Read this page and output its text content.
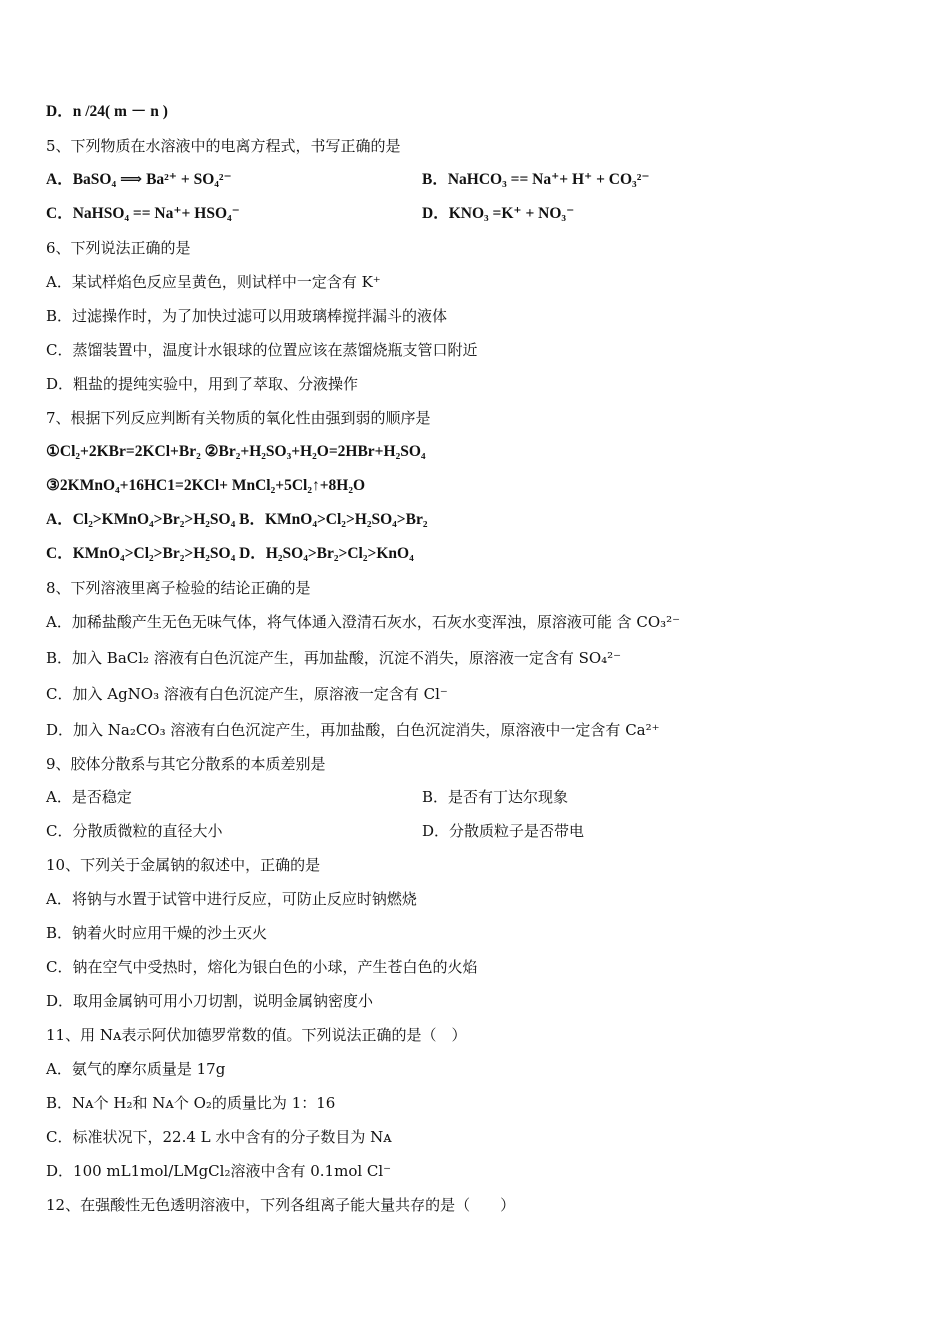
D．n /24( m － n )
5、下列物质在水溶液中的电离方程式，书写正确的是
A．BaSO₄ ⟹ Ba²⁺ + SO₄²⁻	B．NaHCO₃ == Na⁺+ H⁺ + CO₃²⁻
C．NaHSO₄ == Na⁺+ HSO₄⁻	D．KNO₃ =K⁺ + NO₃⁻
6、下列说法正确的是
A．某试样焰色反应呈黄色，则试样中一定含有 K⁺
B．过滤操作时，为了加快过滤可以用玻璃棒搅拌漏斗的液体
C．蒸馏装置中，温度计水银球的位置应该在蒸馏烧瓶支管口附近
D．粗盐的提纯实验中，用到了萃取、分液操作
7、根据下列反应判断有关物质的氧化性由强到弱的顺序是
①Cl₂+2KBr=2KCl+Br₂ ②Br₂+H₂SO₃+H₂O=2HBr+H₂SO₄
③2KMnO₄+16HC1=2KCl+ MnCl₂+5Cl₂↑+8H₂O
A．Cl₂>KMnO₄>Br₂>H₂SO₄ B．KMnO₄>Cl₂>H₂SO₄>Br₂
C．KMnO₄>Cl₂>Br₂>H₂SO₄ D．H₂SO₄>Br₂>Cl₂>KnO₄
8、下列溶液里离子检验的结论正确的是
A．加稀盐酸产生无色无味气体，将气体通入澄清石灰水，石灰水变浑浊，原溶液可能 含 CO₃²⁻
B．加入 BaCl₂ 溶液有白色沉淀产生，再加盐酸，沉淀不消失，原溶液一定含有 SO₄²⁻
C．加入 AgNO₃ 溶液有白色沉淀产生，原溶液一定含有 Cl⁻
D．加入 Na₂CO₃ 溶液有白色沉淀产生，再加盐酸，白色沉淀消失，原溶液中一定含有 Ca²⁺
9、胶体分散系与其它分散系的本质差别是
A．是否稳定	B．是否有丁达尔现象
C．分散质微粒的直径大小	D．分散质粒子是否带电
10、下列关于金属钠的叙述中，正确的是
A．将钠与水置于试管中进行反应，可防止反应时钠燃烧
B．钠着火时应用干燥的沙土灭火
C．钠在空气中受热时，熔化为银白色的小球，产生苍白色的火焰
D．取用金属钠可用小刀切割，说明金属钠密度小
11、用 Nᴀ表示阿伏加德罗常数的值。下列说法正确的是（　）
A．氨气的摩尔质量是 17g
B．Nᴀ个 H₂和 Nᴀ个 O₂的质量比为 1：16
C．标准状况下，22.4 L 水中含有的分子数目为 Nᴀ
D．100 mL1mol/LMgCl₂溶液中含有 0.1mol Cl⁻
12、在强酸性无色透明溶液中，下列各组离子能大量共存的是（　　）
